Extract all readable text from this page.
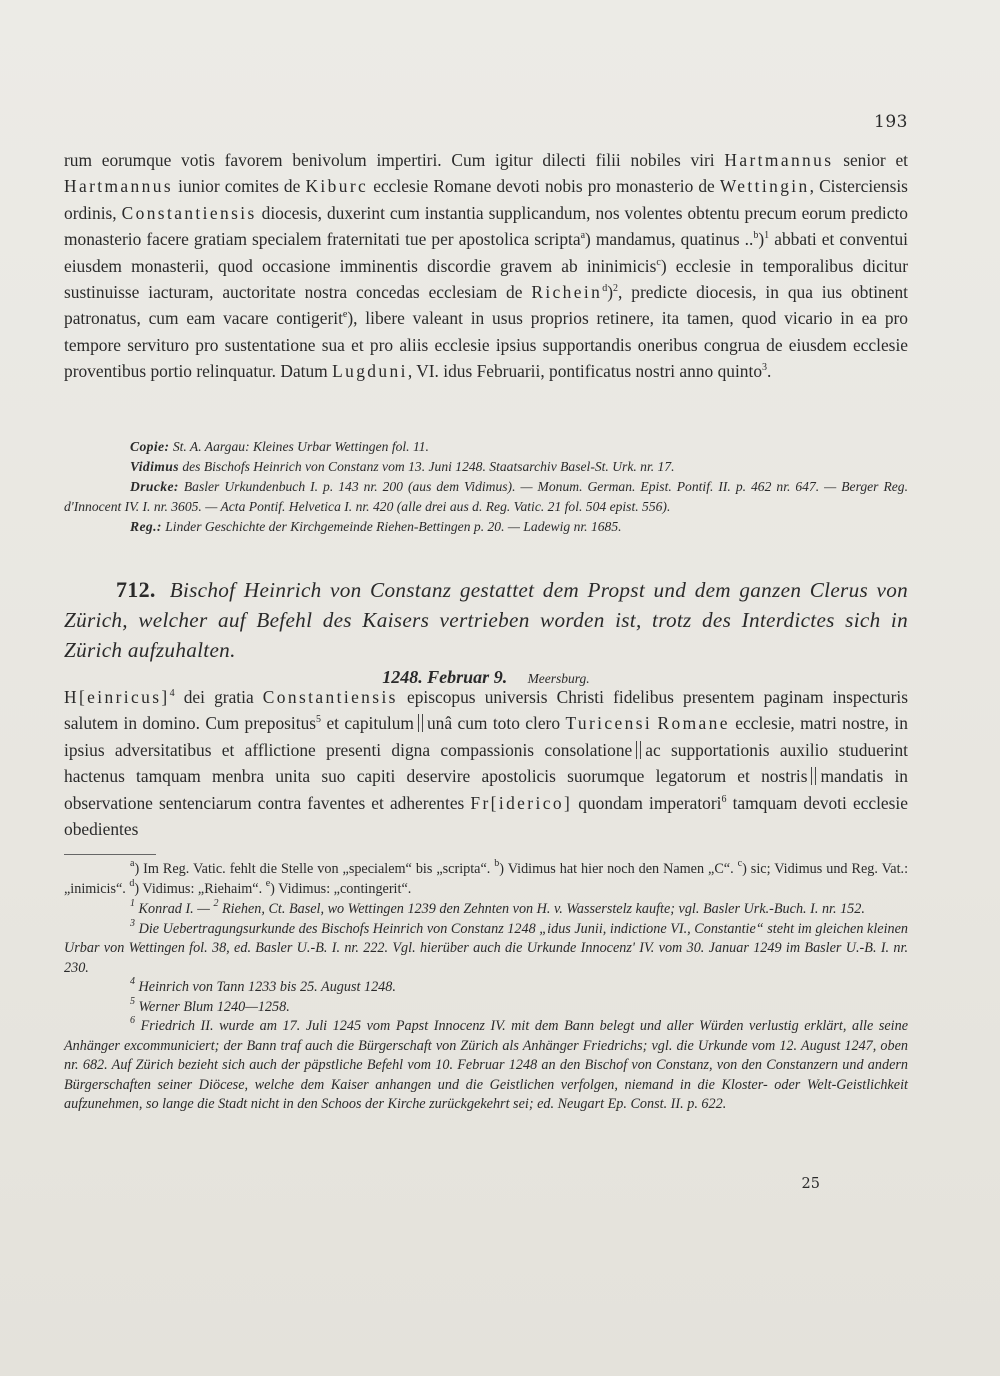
193
rum eorumque votis favorem benivolum impertiri. Cum igitur dilecti filii nobiles viri Hartmannus senior et Hartmannus iunior comites de Kiburc ecclesie Romane devoti nobis pro monasterio de Wettingin, Cisterciensis ordinis, Constantiensis diocesis, duxerint cum instantia supplicandum, nos volentes obtentu precum eorum predicto monasterio facere gratiam specialem fraternitati tue per apostolica scripta$^a$) mandamus, quatinus ..$^b$)$^1$ abbati et conventui eiusdem monasterii, quod occasione imminentis discordie gravem ab ininimicis$^c$) ecclesie in temporalibus dicitur sustinuisse iacturam, auctoritate nostra concedas ecclesiam de Richein$^d$)$^2$, predicte diocesis, in qua ius obtinent patronatus, cum eam vacare contigerit$^e$), libere valeant in usus proprios retinere, ita tamen, quod vicario in ea pro tempore servituro pro sustentatione sua et pro aliis ecclesie ipsius supportandis oneribus congrua de eiusdem ecclesie proventibus portio relinquatur. Datum Lugduni, VI. idus Februarii, pontificatus nostri anno quinto$^3$.

Copie: St. A. Aargau: Kleines Urbar Wettingen fol. 11.

Vidimus des Bischofs Heinrich von Constanz vom 13. Juni 1248. Staatsarchiv Basel-St. Urk. nr. 17.

Drucke: Basler Urkundenbuch I. p. 143 nr. 200 (aus dem Vidimus). — Monum. German. Epist. Pontif. II. p. 462 nr. 647. — Berger Reg. d'Innocent IV. I. nr. 3605. — Acta Pontif. Helvetica I. nr. 420 (alle drei aus d. Reg. Vatic. 21 fol. 504 epist. 556).

Reg.: Linder Geschichte der Kirchgemeinde Riehen-Bettingen p. 20. — Ladewig nr. 1685.

712. Bischof Heinrich von Constanz gestattet dem Propst und dem ganzen Clerus von Zürich, welcher auf Befehl des Kaisers vertrieben worden ist, trotz des Interdictes sich in Zürich aufzuhalten.
1248. Februar 9. Meersburg.
H[einricus]$^4$ dei gratia Constantiensis episcopus universis Christi fidelibus presentem paginam inspecturis salutem in domino. Cum prepositus$^5$ et capitulum unâ cum toto clero Turicensi Romane ecclesie, matri nostre, in ipsius adversitatibus et afflictione presenti digna compassionis consolatione ac supportationis auxilio studuerint hactenus tamquam menbra unita suo capiti deservire apostolicis suorumque legatorum et nostris mandatis in observatione sentenciarum contra faventes et adherentes Fr[iderico] quondam imperatori$^6$ tamquam devoti ecclesie obedientes

$^a$) Im Reg. Vatic. fehlt die Stelle von „specialem“ bis „scripta“. $^b$) Vidimus hat hier noch den Namen „C“. $^c$) sic; Vidimus und Reg. Vat.: „inimicis“. $^d$) Vidimus: „Riehaim“. $^e$) Vidimus: „contingerit“.

$^1$ Konrad I. — $^2$ Riehen, Ct. Basel, wo Wettingen 1239 den Zehnten von H. v. Wasserstelz kaufte; vgl. Basler Urk.-Buch. I. nr. 152.

$^3$ Die Uebertragungsurkunde des Bischofs Heinrich von Constanz 1248 „idus Junii, indictione VI., Constantie“ steht im gleichen kleinen Urbar von Wettingen fol. 38, ed. Basler U.-B. I. nr. 222. Vgl. hierüber auch die Urkunde Innocenz' IV. vom 30. Januar 1249 im Basler U.-B. I. nr. 230.

$^4$ Heinrich von Tann 1233 bis 25. August 1248.

$^5$ Werner Blum 1240—1258.

$^6$ Friedrich II. wurde am 17. Juli 1245 vom Papst Innocenz IV. mit dem Bann belegt und aller Würden verlustig erklärt, alle seine Anhänger excommuniciert; der Bann traf auch die Bürgerschaft von Zürich als Anhänger Friedrichs; vgl. die Urkunde vom 12. August 1247, oben nr. 682. Auf Zürich bezieht sich auch der päpstliche Befehl vom 10. Februar 1248 an den Bischof von Constanz, von den Constanzern und andern Bürgerschaften seiner Diöcese, welche dem Kaiser anhangen und die Geistlichen verfolgen, niemand in die Kloster- oder Welt-Geistlichkeit aufzunehmen, so lange die Stadt nicht in den Schoos der Kirche zurückgekehrt sei; ed. Neugart Ep. Const. II. p. 622.

25
